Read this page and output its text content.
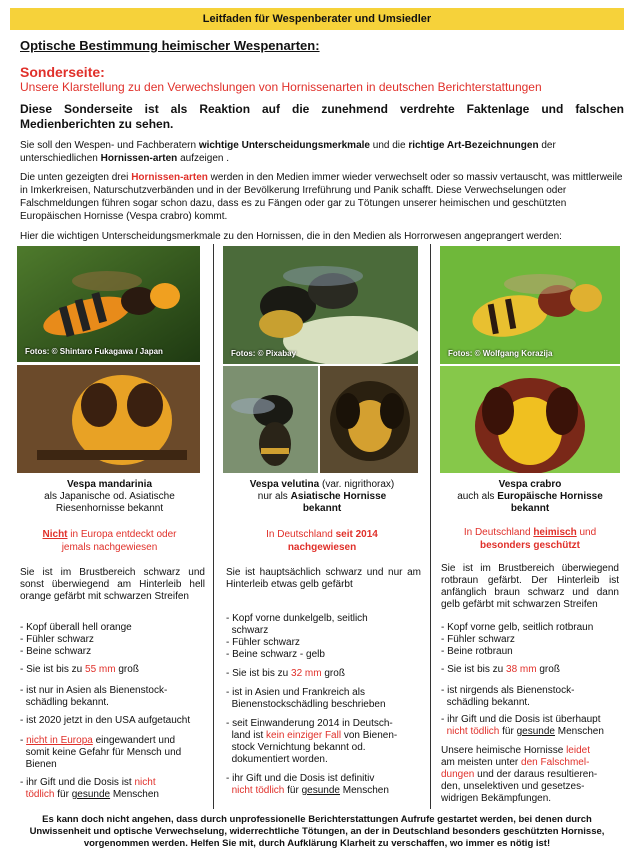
Leitfaden für Wespenberater und Umsiedler
Optische Bestimmung heimischer Wespenarten:
Sonderseite:
Unsere Klarstellung zu den Verwechslungen von Hornissenarten in deutschen Berichterstattungen
Diese Sonderseite ist als Reaktion auf die zunehmend verdrehte Faktenlage und falschen Medienberichten zu sehen.
Sie soll den Wespen- und Fachberatern wichtige Unterscheidungsmerkmale und die richtige Art-Bezeichnungen der unterschiedlichen Hornissen-arten aufzeigen .
Die unten gezeigten drei Hornissen-arten werden in den Medien immer wieder verwechselt oder so massiv vertauscht, was mittlerweile in Imkerkreisen, Naturschutzverbänden und in der Bevölkerung Irreführung und Panik schafft. Diese Verwechselungen oder Falschmeldungen führen sogar schon dazu, dass es zu Fängen oder gar zu Tötungen unserer heimischen und geschützten Europäischen Hornisse (Vespa crabro) kommt.
Hier die wichtigen Unterscheidungsmerkmale zu den Hornissen, die in den Medien als Horrorwesen angeprangert werden:
Fotos: © Shintaro Fukagawa / Japan	Fotos: © Pixabay	Fotos: © Wolfgang Korazija
Vespa mandarinia
als Japanische od. Asiatische
Riesenhornisse bekannt
Nicht in Europa entdeckt oder
jemals nachgewiesen
Sie ist im Brustbereich schwarz und sonst überwiegend am Hinterleib hell orange gefärbt mit schwarzen Streifen
- Kopf überall hell orange
- Fühler schwarz
- Beine schwarz
- Sie ist bis zu 55 mm groß
- ist nur in Asien als Bienenstock-
schädling bekannt.
- ist 2020 jetzt in den USA aufgetaucht
- nicht in Europa eingewandert und
somit keine Gefahr für Mensch und
Bienen
- ihr Gift und die Dosis ist nicht
tödlich für gesunde Menschen
Vespa velutina (var. nigrithorax)
nur als Asiatische Hornisse
bekannt
In Deutschland seit 2014
nachgewiesen
Sie ist hauptsächlich schwarz und nur am Hinterleib etwas gelb gefärbt
- Kopf vorne dunkelgelb, seitlich
schwarz
- Fühler schwarz
- Beine schwarz - gelb
- Sie ist bis zu 32 mm groß
- ist in Asien und Frankreich als
Bienenstockschädling beschrieben
- seit Einwanderung 2014 in Deutsch-
land ist kein einziger Fall von Bienen-
stock Vernichtung bekannt od.
dokumentiert worden.
- ihr Gift und die Dosis ist definitiv
nicht tödlich für gesunde Menschen
Vespa crabro
auch als Europäische Hornisse
bekannt
In Deutschland heimisch und
besonders geschützt
Sie ist im Brustbereich überwiegend rotbraun gefärbt. Der Hinterleib ist anfänglich braun schwarz und dann gelb gefärbt mit schwarzen Streifen
- Kopf vorne gelb, seitlich rotbraun
- Fühler schwarz
- Beine rotbraun
- Sie ist bis zu 38 mm groß
- ist nirgends als Bienenstock-
schädling bekannt.
- ihr Gift und die Dosis ist überhaupt
nicht tödlich für gesunde Menschen
Unsere heimische Hornisse leidet
am meisten unter den Falschmel-
dungen und der daraus resultieren-
den, unselektiven und gesetzes-
widrigen Bekämpfungen.
Es kann doch nicht angehen, dass durch unprofessionelle Berichterstattungen Aufrufe gestartet werden, bei denen durch Unwissenheit und optische Verwechselung, widerrechtliche Tötungen, an der in Deutschland besonders geschützten Hornisse, vorgenommen werden. Helfen Sie mit, durch Aufklärung Klarheit zu verschaffen, wo immer es nötig ist!
